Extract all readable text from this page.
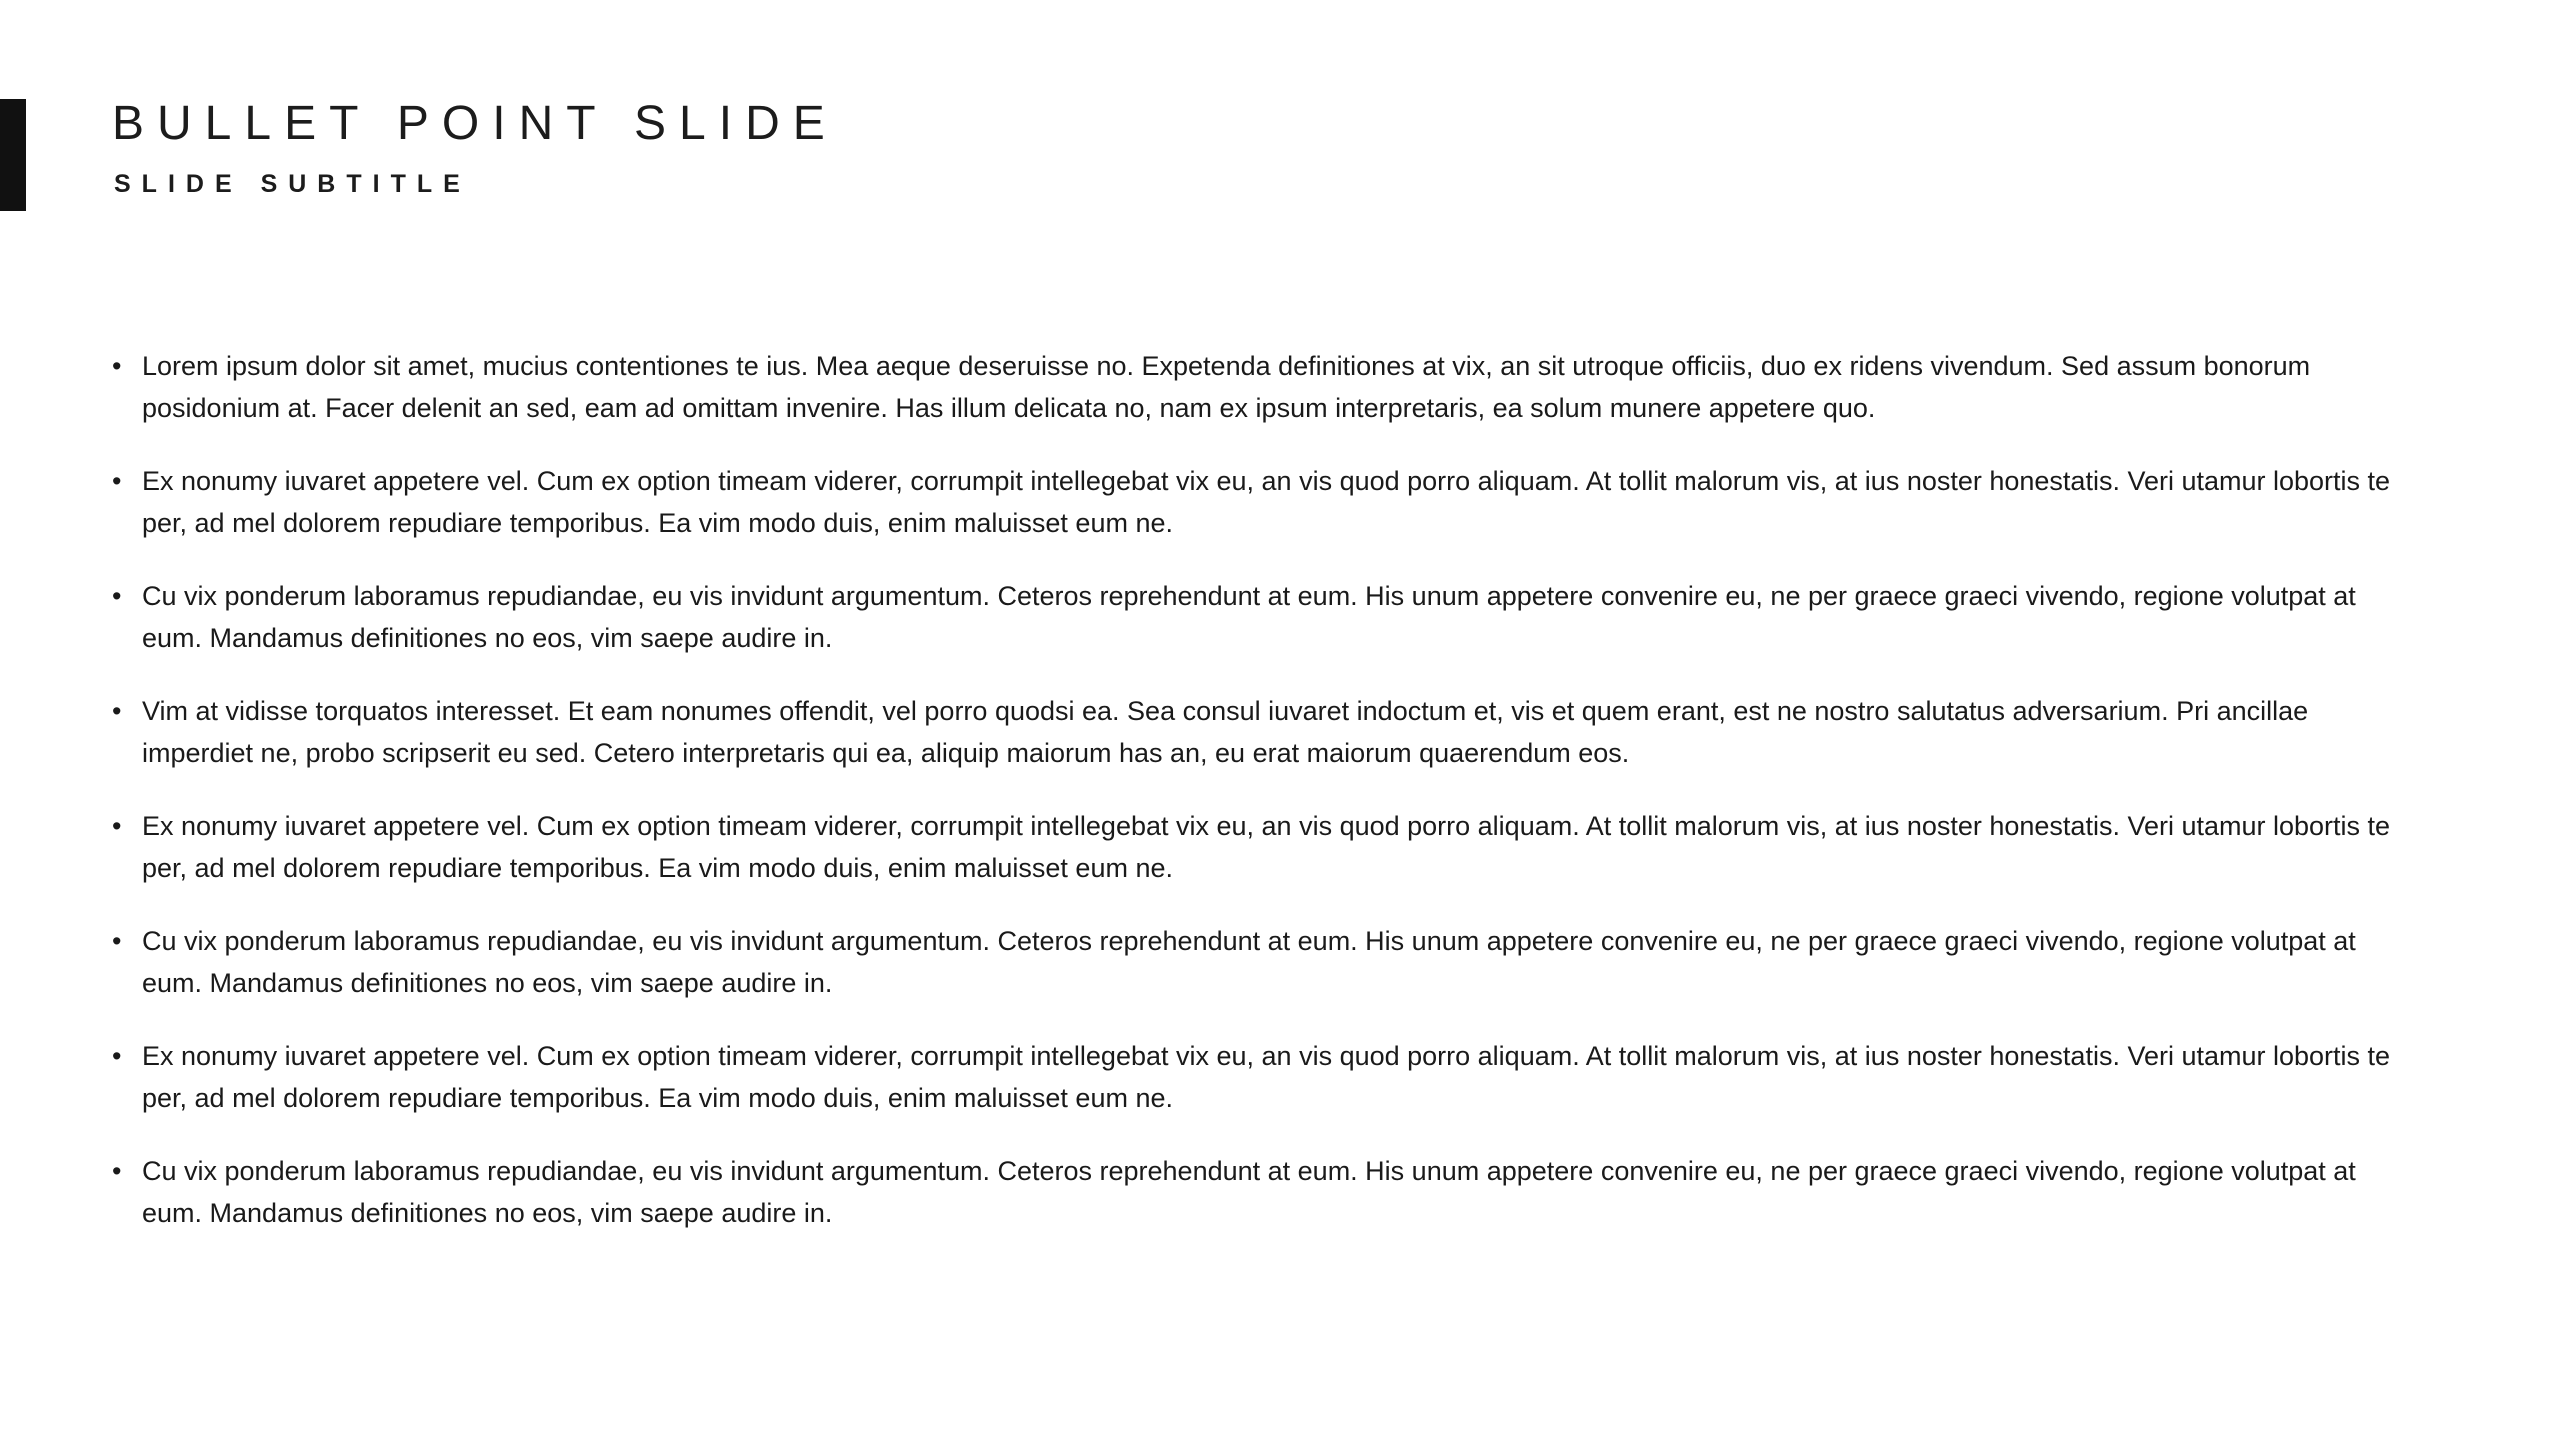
BULLET POINT SLIDE
SLIDE SUBTITLE
• Lorem ipsum dolor sit amet, mucius contentiones te ius. Mea aeque deseruisse no. Expetenda definitiones at vix, an sit utroque officiis, duo ex ridens vivendum. Sed assum bonorum posidonium at. Facer delenit an sed, eam ad omittam invenire. Has illum delicata no, nam ex ipsum interpretaris, ea solum munere appetere quo.
• Ex nonumy iuvaret appetere vel. Cum ex option timeam viderer, corrumpit intellegebat vix eu, an vis quod porro aliquam. At tollit malorum vis, at ius noster honestatis. Veri utamur lobortis te per, ad mel dolorem repudiare temporibus. Ea vim modo duis, enim maluisset eum ne.
• Cu vix ponderum laboramus repudiandae, eu vis invidunt argumentum. Ceteros reprehendunt at eum. His unum appetere convenire eu, ne per graece graeci vivendo, regione volutpat at eum. Mandamus definitiones no eos, vim saepe audire in.
• Vim at vidisse torquatos interesset. Et eam nonumes offendit, vel porro quodsi ea. Sea consul iuvaret indoctum et, vis et quem erant, est ne nostro salutatus adversarium. Pri ancillae imperdiet ne, probo scripserit eu sed. Cetero interpretaris qui ea, aliquip maiorum has an, eu erat maiorum quaerendum eos.
• Ex nonumy iuvaret appetere vel. Cum ex option timeam viderer, corrumpit intellegebat vix eu, an vis quod porro aliquam. At tollit malorum vis, at ius noster honestatis. Veri utamur lobortis te per, ad mel dolorem repudiare temporibus. Ea vim modo duis, enim maluisset eum ne.
• Cu vix ponderum laboramus repudiandae, eu vis invidunt argumentum. Ceteros reprehendunt at eum. His unum appetere convenire eu, ne per graece graeci vivendo, regione volutpat at eum. Mandamus definitiones no eos, vim saepe audire in.
• Ex nonumy iuvaret appetere vel. Cum ex option timeam viderer, corrumpit intellegebat vix eu, an vis quod porro aliquam. At tollit malorum vis, at ius noster honestatis. Veri utamur lobortis te per, ad mel dolorem repudiare temporibus. Ea vim modo duis, enim maluisset eum ne.
• Cu vix ponderum laboramus repudiandae, eu vis invidunt argumentum. Ceteros reprehendunt at eum. His unum appetere convenire eu, ne per graece graeci vivendo, regione volutpat at eum. Mandamus definitiones no eos, vim saepe audire in.
